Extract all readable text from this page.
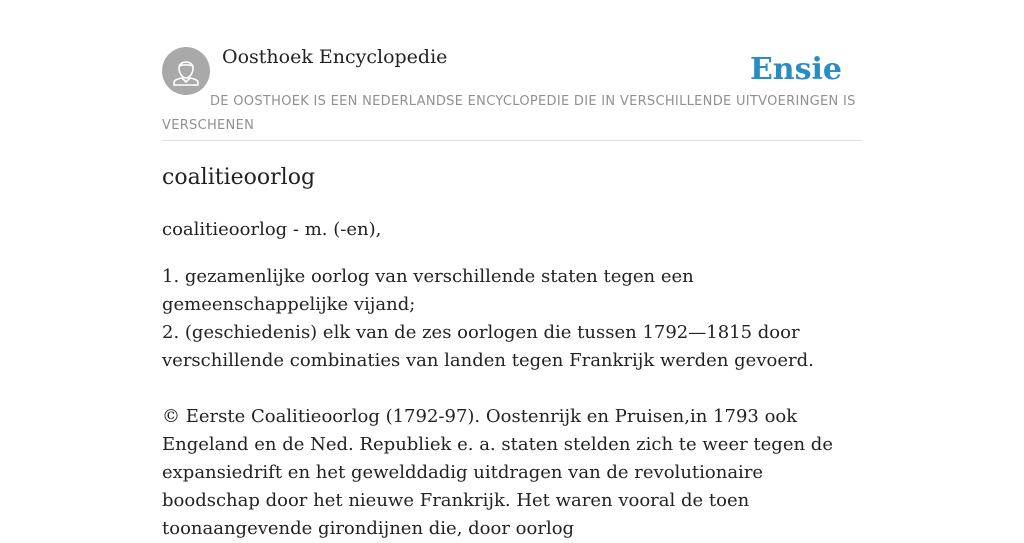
Oosthoek Encyclopedie	Ensie
DE OOSTHOEK IS EEN NEDERLANDSE ENCYCLOPEDIE DIE IN VERSCHILLENDE UITVOERINGEN IS VERSCHENEN
coalitieoorlog

coalitieoorlog - m. (-en),

1. gezamenlijke oorlog van verschillende staten tegen een gemeenschappelijke vijand;
2. (geschiedenis) elk van de zes oorlogen die tussen 1792—1815 door verschillende combinaties van landen tegen Frankrijk werden gevoerd.

© Eerste Coalitieoorlog (1792-97). Oostenrijk en Pruisen,in 1793 ook Engeland en de Ned. Republiek e. a. staten stelden zich te weer tegen de expansiedrift en het gewelddadig uitdragen van de revolutionaire boodschap door het nieuwe Frankrijk. Het waren vooral de toen toonaangevende girondijnen die, door oorlog
